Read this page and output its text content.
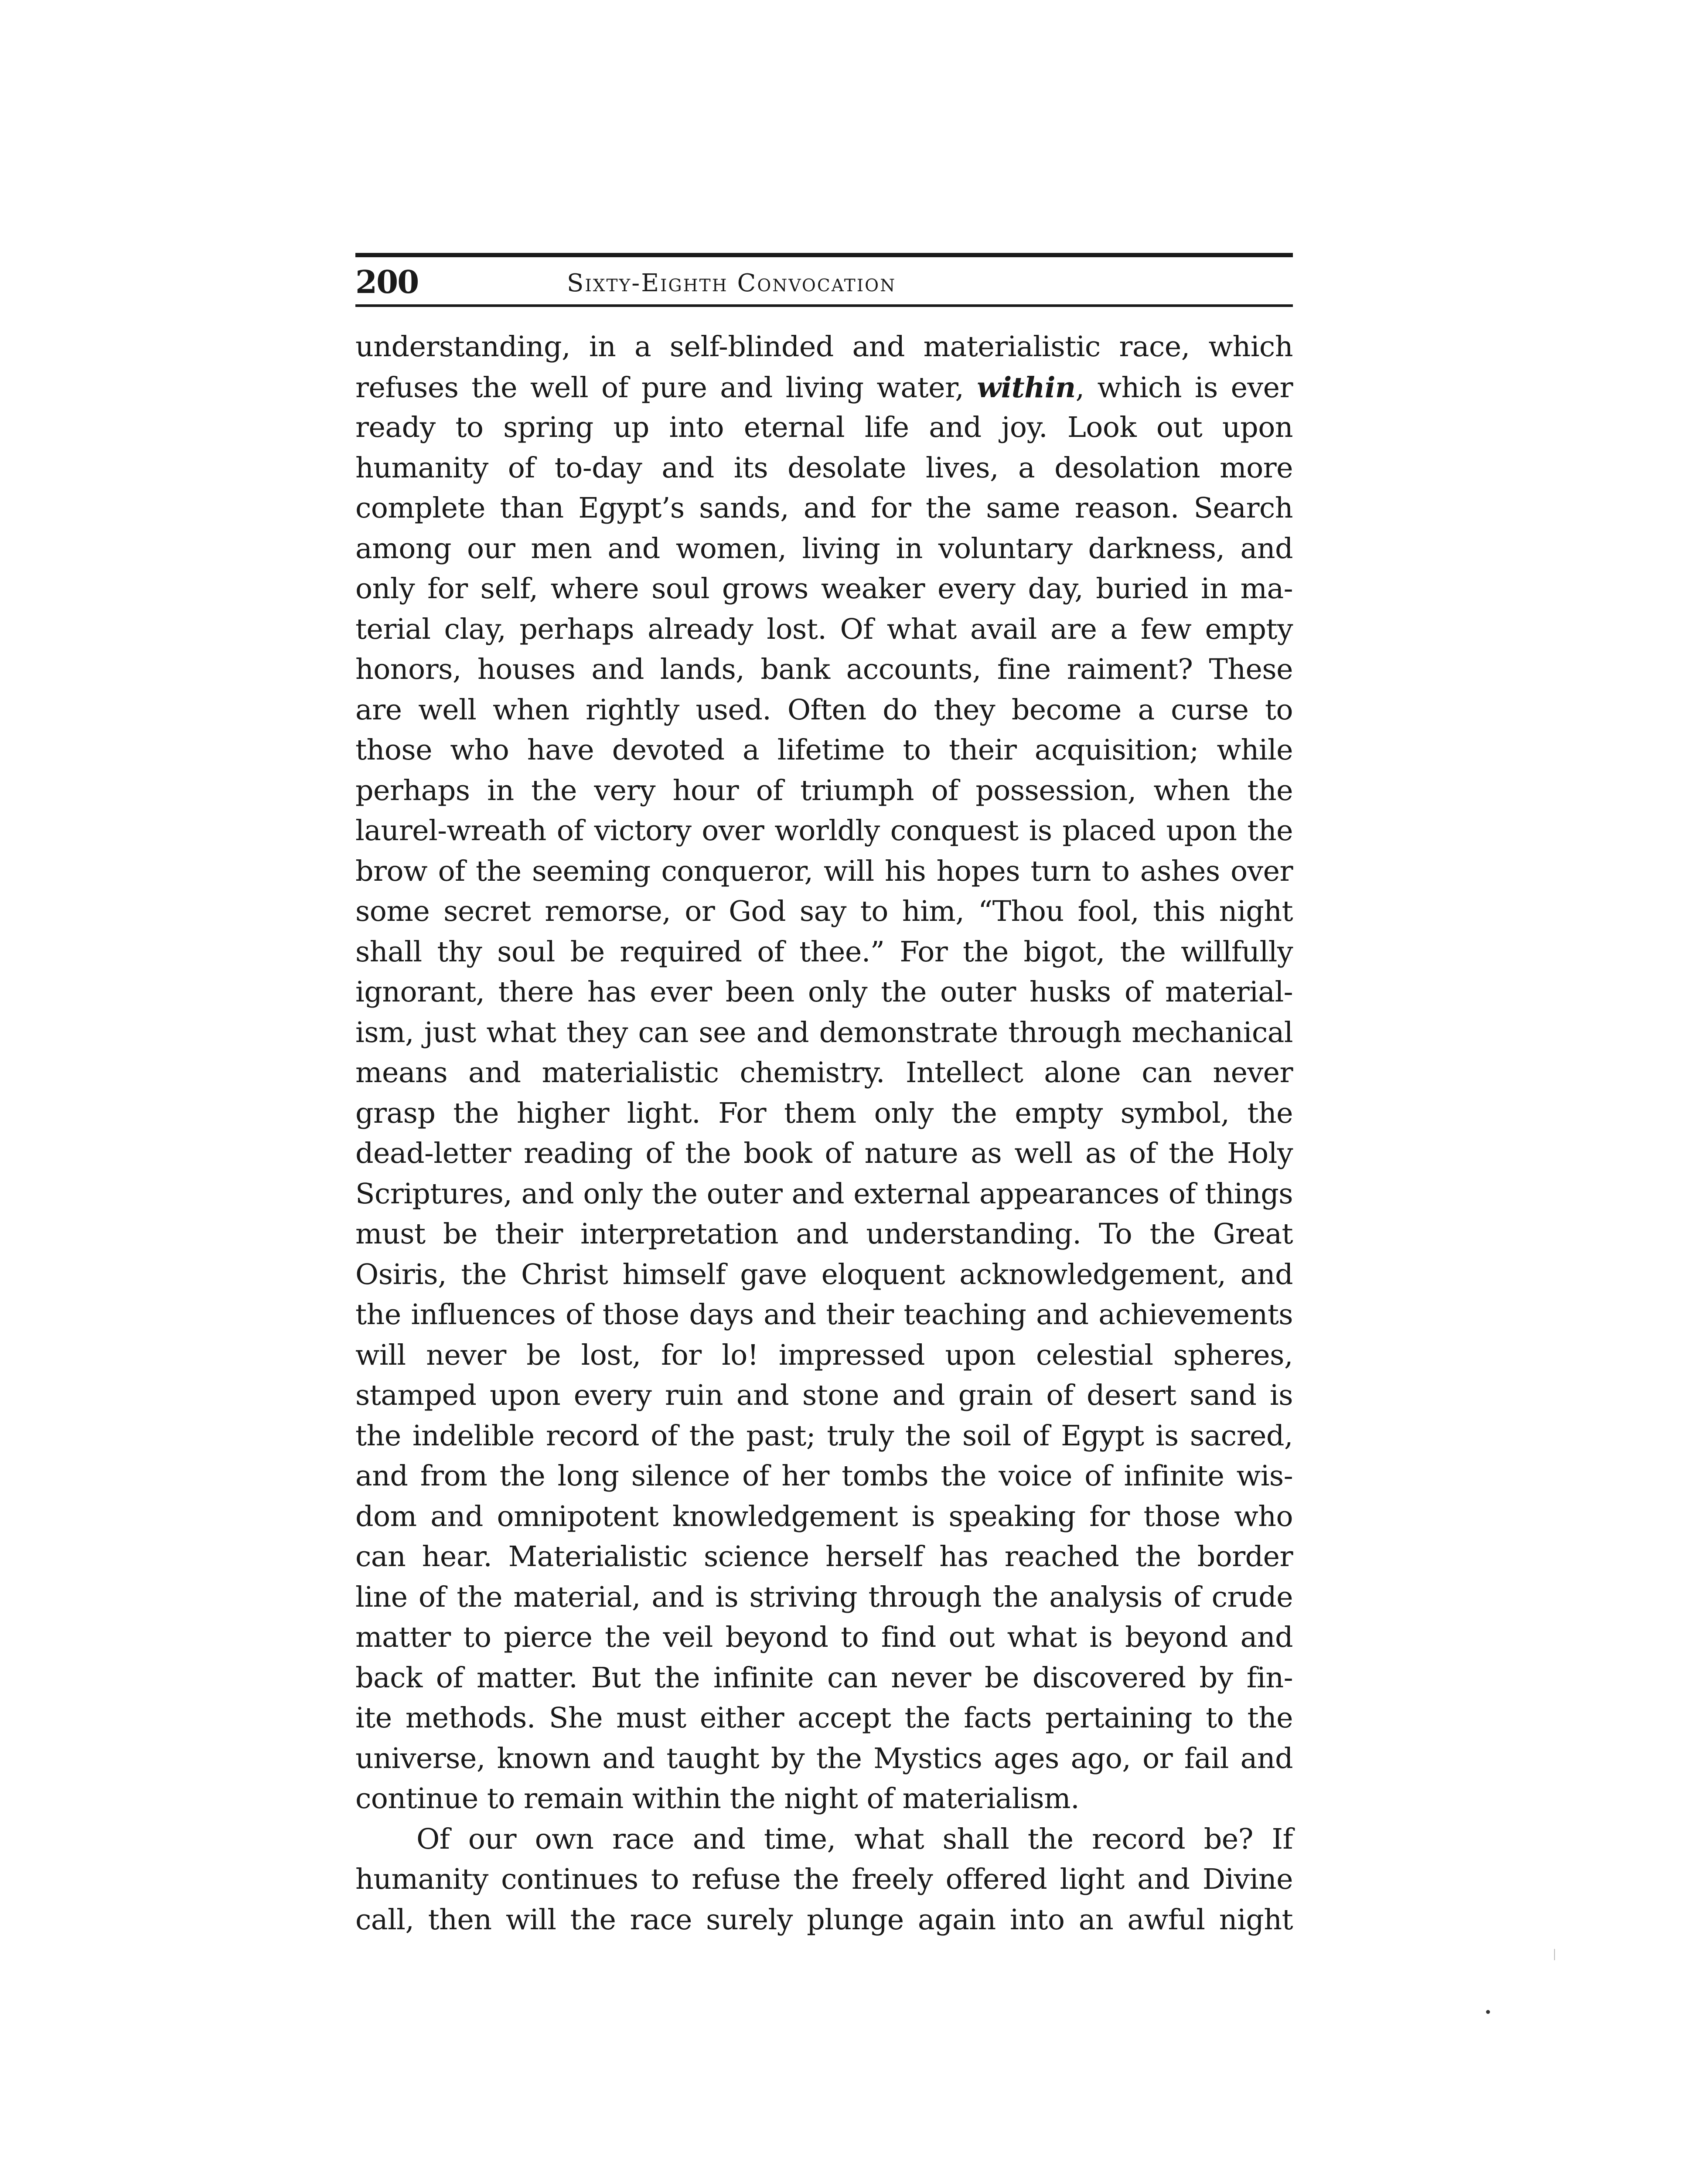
200	Sixty-Eighth Convocation
understanding, in a self-blinded and materialistic race, which
refuses the well of pure and living water, within, which is ever
ready to spring up into eternal life and joy. Look out upon
humanity of to-day and its desolate lives, a desolation more
complete than Egypt’s sands, and for the same reason. Search
among our men and women, living in voluntary darkness, and
only for self, where soul grows weaker every day, buried in ma-
terial clay, perhaps already lost. Of what avail are a few empty
honors, houses and lands, bank accounts, fine raiment? These
are well when rightly used. Often do they become a curse to
those who have devoted a lifetime to their acquisition; while
perhaps in the very hour of triumph of possession, when the
laurel-wreath of victory over worldly conquest is placed upon the
brow of the seeming conqueror, will his hopes turn to ashes over
some secret remorse, or God say to him, “Thou fool, this night
shall thy soul be required of thee.” For the bigot, the willfully
ignorant, there has ever been only the outer husks of material-
ism, just what they can see and demonstrate through mechanical
means and materialistic chemistry. Intellect alone can never
grasp the higher light. For them only the empty symbol, the
dead-letter reading of the book of nature as well as of the Holy
Scriptures, and only the outer and external appearances of things
must be their interpretation and understanding. To the Great
Osiris, the Christ himself gave eloquent acknowledgement, and
the influences of those days and their teaching and achievements
will never be lost, for lo! impressed upon celestial spheres,
stamped upon every ruin and stone and grain of desert sand is
the indelible record of the past; truly the soil of Egypt is sacred,
and from the long silence of her tombs the voice of infinite wis-
dom and omnipotent knowledgement is speaking for those who
can hear. Materialistic science herself has reached the border
line of the material, and is striving through the analysis of crude
matter to pierce the veil beyond to find out what is beyond and
back of matter. But the infinite can never be discovered by fin-
ite methods. She must either accept the facts pertaining to the
universe, known and taught by the Mystics ages ago, or fail and
continue to remain within the night of materialism.
Of our own race and time, what shall the record be? If
humanity continues to refuse the freely offered light and Divine
call, then will the race surely plunge again into an awful night
